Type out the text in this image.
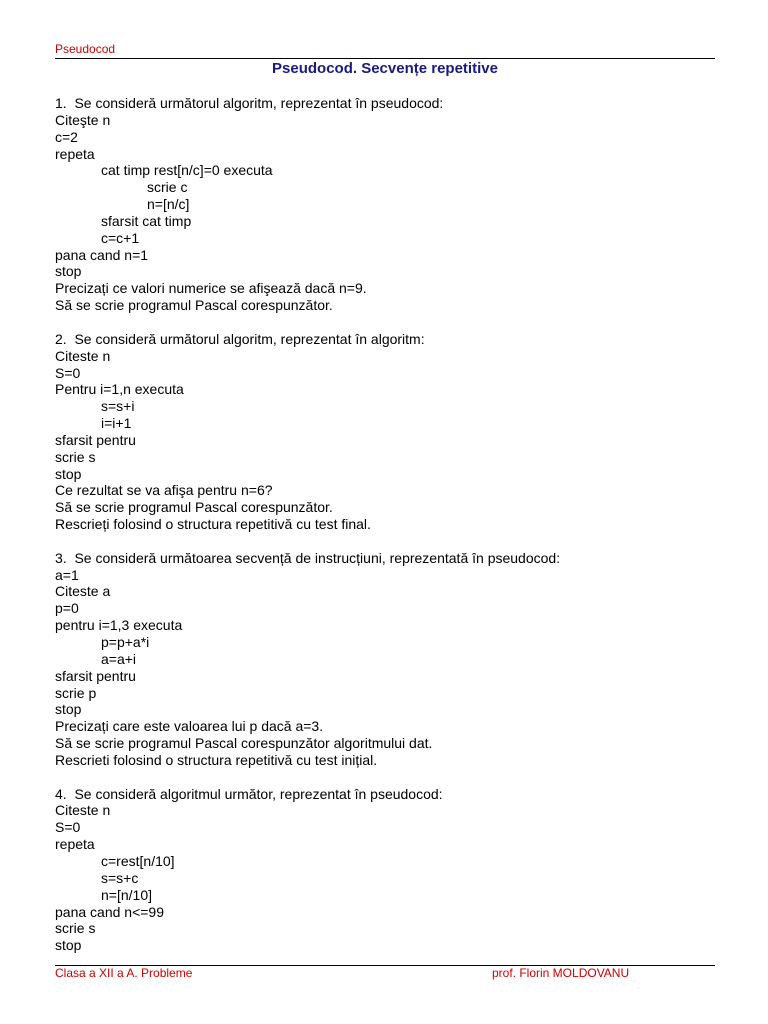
Pseudocod
Pseudocod. Secvențe repetitive
1.  Se consideră următorul algoritm, reprezentat în pseudocod:
Citeşte n
c=2
repeta
cat timp rest[n/c]=0 executa
scrie c
n=[n/c]
sfarsit cat timp
c=c+1
pana cand n=1
stop
Precizați ce valori numerice se afişează dacă n=9.
Să se scrie programul Pascal corespunzător.
2.  Se consideră următorul algoritm, reprezentat în algoritm:
Citeste n
S=0
Pentru i=1,n executa
s=s+i
i=i+1
sfarsit pentru
scrie s
stop
Ce rezultat se va afişa pentru n=6?
Să se scrie programul Pascal corespunzător.
Rescrieți folosind o structura repetitivă cu test final.
3.  Se consideră următoarea secvență de instrucțiuni, reprezentată în pseudocod:
a=1
Citeste a
p=0
pentru i=1,3 executa
p=p+a*i
a=a+i
sfarsit pentru
scrie p
stop
Precizați care este valoarea lui p dacă a=3.
Să se scrie programul Pascal corespunzător algoritmului dat.
Rescrieti folosind o structura repetitivă cu test inițial.
4.  Se consideră algoritmul următor, reprezentat în pseudocod:
Citeste n
S=0
repeta
c=rest[n/10]
s=s+c
n=[n/10]
pana cand n<=99
scrie s
stop
Clasa a XII a A. Probleme	prof. Florin MOLDOVANU
